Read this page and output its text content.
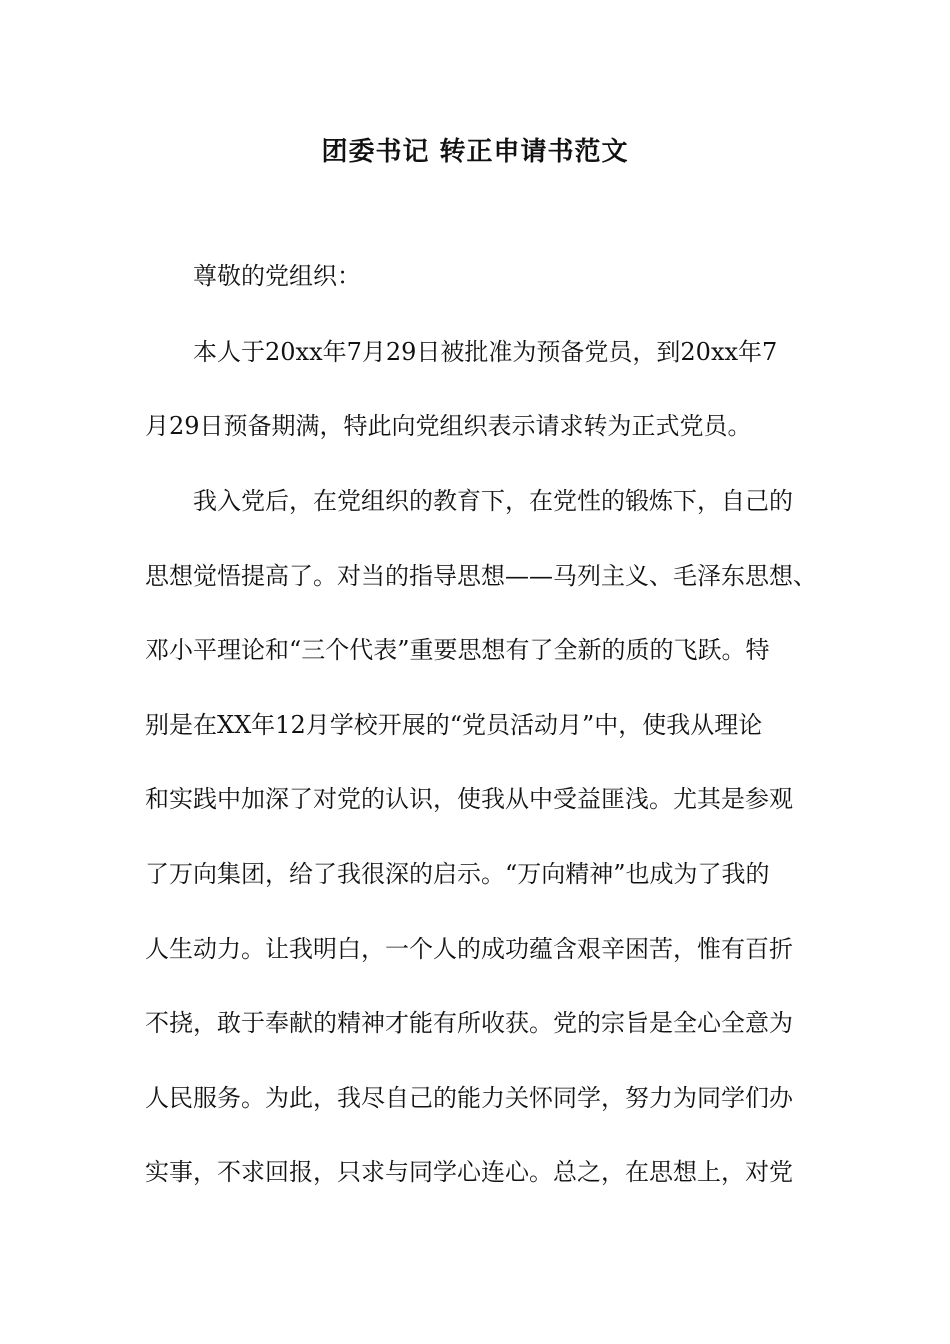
团委书记 转正申请书范文
尊敬的党组织：
本人于20xx年7月29日被批准为预备党员，到20xx年7
月29日预备期满，特此向党组织表示请求转为正式党员。
我入党后，在党组织的教育下，在党性的锻炼下，自己的
思想觉悟提高了。对当的指导思想——马列主义、毛泽东思想、
邓小平理论和“三个代表”重要思想有了全新的质的飞跃。特
别是在XX年12月学校开展的“党员活动月”中，使我从理论
和实践中加深了对党的认识，使我从中受益匪浅。尤其是参观
了万向集团，给了我很深的启示。“万向精神”也成为了我的
人生动力。让我明白，一个人的成功蕴含艰辛困苦，惟有百折
不挠，敢于奉献的精神才能有所收获。党的宗旨是全心全意为
人民服务。为此，我尽自己的能力关怀同学，努力为同学们办
实事，不求回报，只求与同学心连心。总之，在思想上，对党
